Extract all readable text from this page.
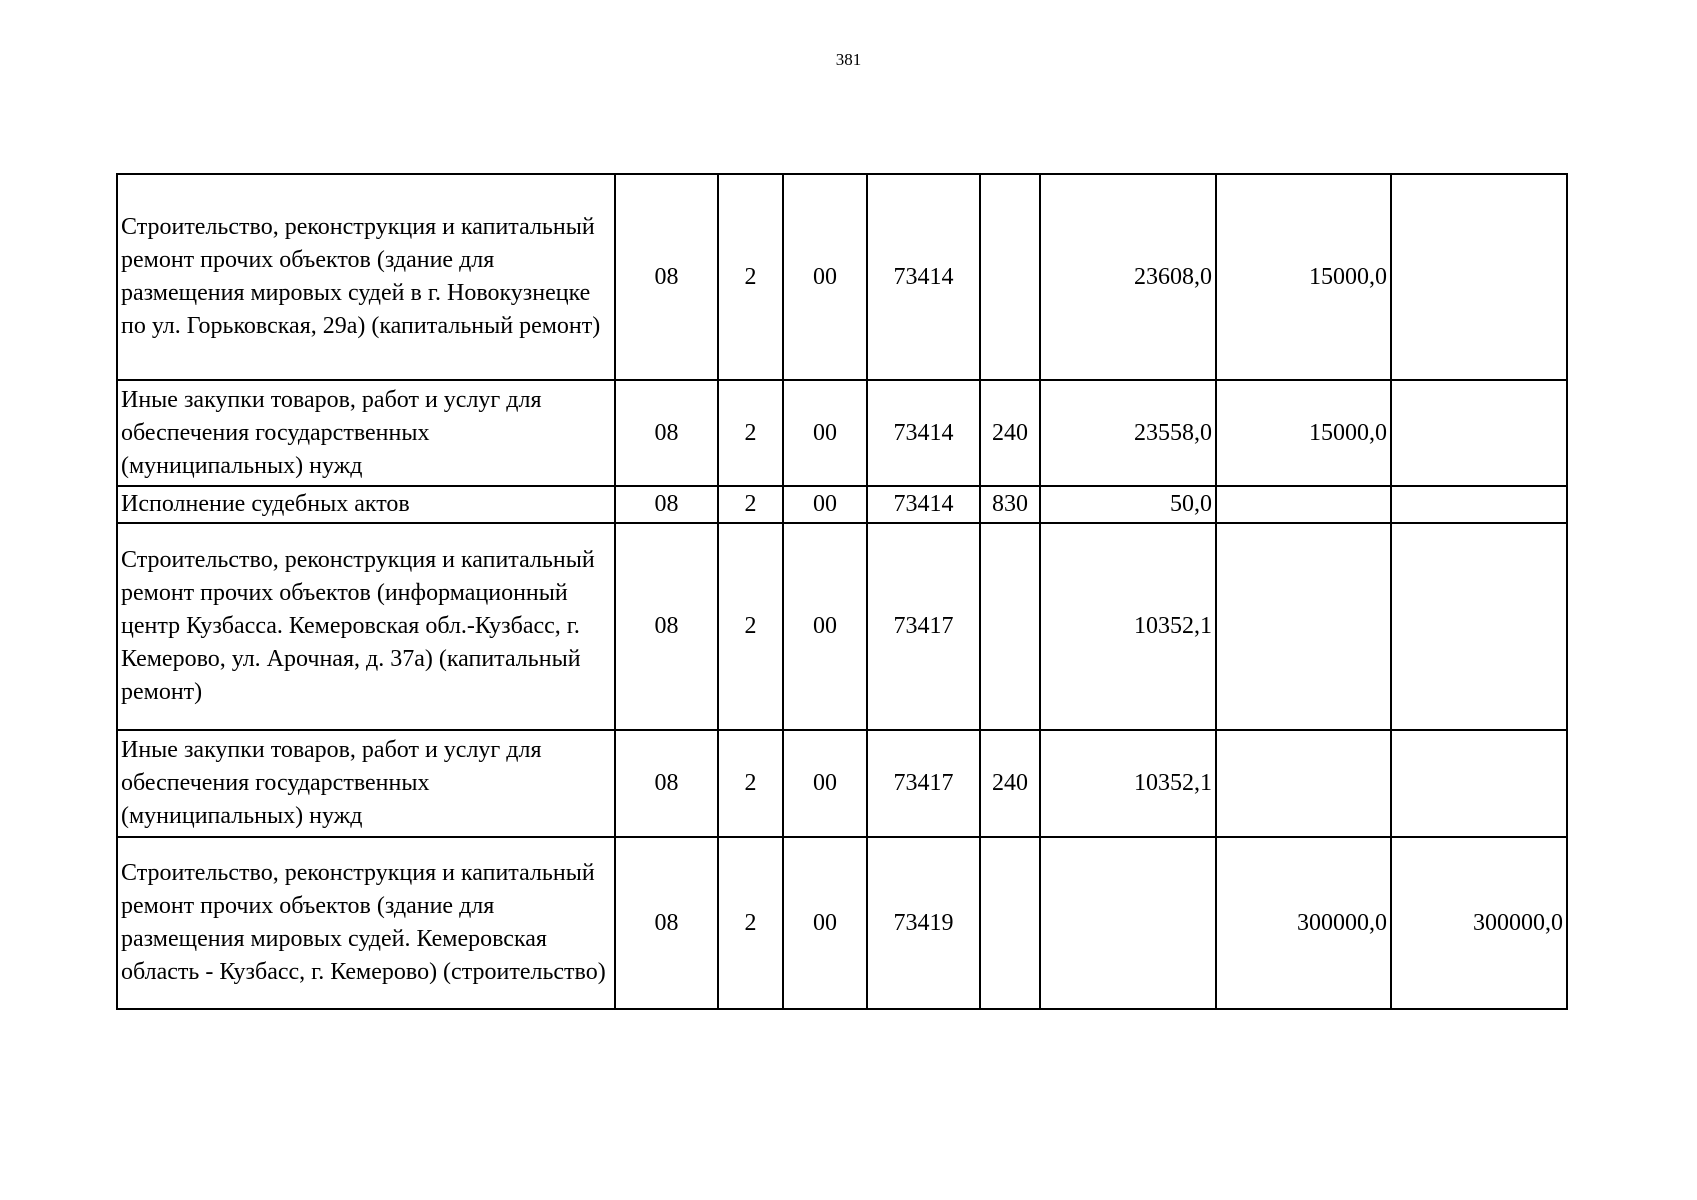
381
Строительство, реконструкция и капитальный ремонт прочих объектов (здание для размещения мировых судей в г. Новокузнецке по ул. Горьковская, 29а) (капитальный ремонт)	08	2	00	73414		23608,0	15000,0	
Иные закупки товаров, работ и услуг для обеспечения государственных (муниципальных) нужд	08	2	00	73414	240	23558,0	15000,0	
Исполнение судебных актов	08	2	00	73414	830	50,0		
Строительство, реконструкция и капитальный ремонт прочих объектов (информационный центр Кузбасса. Кемеровская обл.-Кузбасс, г. Кемерово, ул. Арочная, д. 37а) (капитальный ремонт)	08	2	00	73417		10352,1		
Иные закупки товаров, работ и услуг для обеспечения государственных (муниципальных) нужд	08	2	00	73417	240	10352,1		
Строительство, реконструкция и капитальный ремонт прочих объектов (здание для размещения мировых судей. Кемеровская область - Кузбасс, г. Кемерово) (строительство)	08	2	00	73419			300000,0	300000,0
